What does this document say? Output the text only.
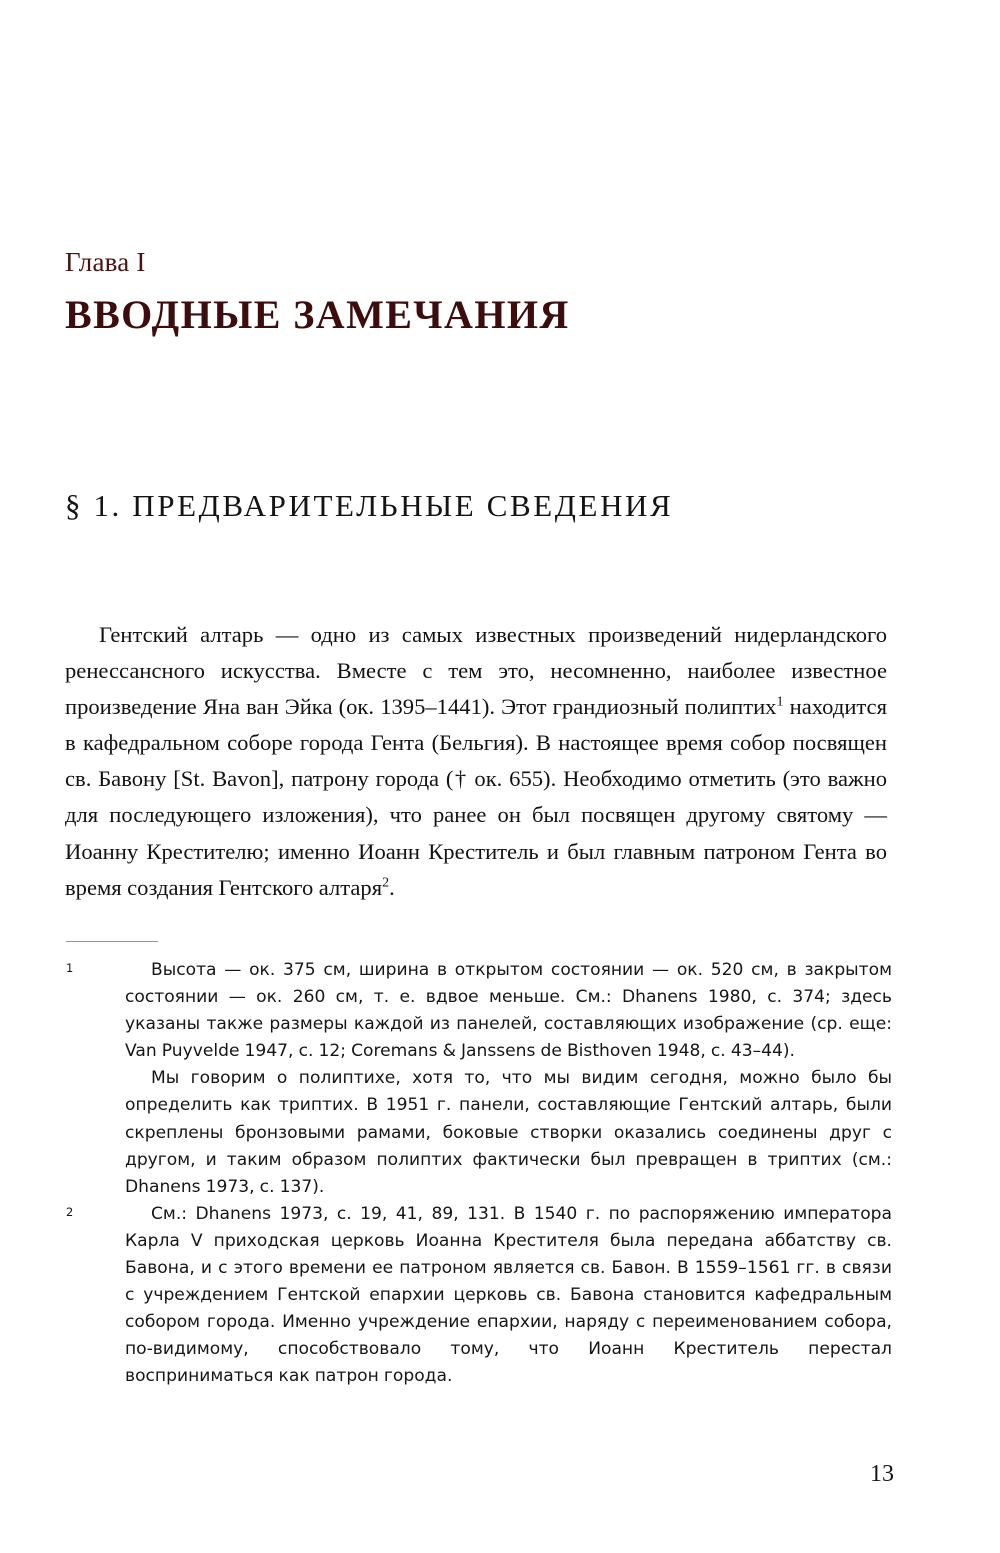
Глава I

ВВОДНЫЕ ЗАМЕЧАНИЯ
§ 1. ПРЕДВАРИТЕЛЬНЫЕ СВЕДЕНИЯ

Гентский алтарь — одно из самых известных произведений нидерландского ренессансного искусства. Вместе с тем это, несомненно, наиболее известное произведение Яна ван Эйка (ок. 1395–1441). Этот грандиозный полиптих$^1$ находится в кафедральном соборе города Гента (Бельгия). В настоящее время собор посвящен св. Бавону [St. Bavon], патрону города († ок. 655). Необходимо отметить (это важно для последующего изложения), что ранее он был посвящен другому святому — Иоанну Крестителю; именно Иоанн Креститель и был главным патроном Гента во время создания Гентского алтаря$^2$.

1	Высота — ок. 375 см, ширина в открытом состоянии — ок. 520 см, в закрытом состоянии — ок. 260 см, т. е. вдвое меньше. См.: Dhanens 1980, с. 374; здесь указаны также размеры каждой из панелей, составляющих изображение (ср. еще: Van Puyvelde 1947, с. 12; Coremans & Janssens de Bisthoven 1948, с. 43–44).

Мы говорим о полиптихе, хотя то, что мы видим сегодня, можно было бы определить как триптих. В 1951 г. панели, составляющие Гентский алтарь, были скреплены бронзовыми рамами, боковые створки оказались соединены друг с другом, и таким образом полиптих фактически был превращен в триптих (см.: Dhanens 1973, с. 137).

2	См.: Dhanens 1973, с. 19, 41, 89, 131. В 1540 г. по распоряжению императора Карла V приходская церковь Иоанна Крестителя была передана аббатству св. Бавона, и с этого времени ее патроном является св. Бавон. В 1559–1561 гг. в связи с учреждением Гентской епархии церковь св. Бавона становится кафедральным собором города. Именно учреждение епархии, наряду с переименованием собора, по-видимому, способствовало тому, что Иоанн Креститель перестал восприниматься как патрон города.

13
